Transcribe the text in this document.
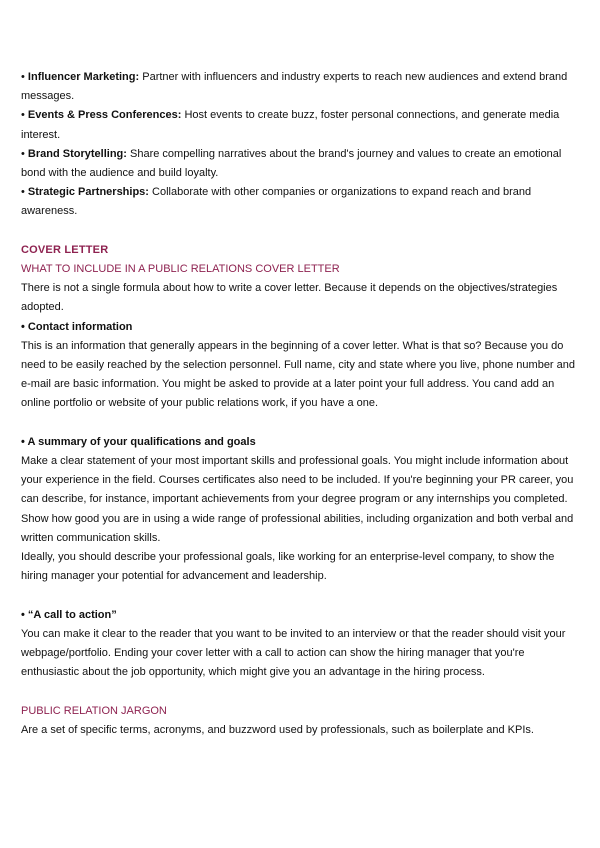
• Influencer Marketing: Partner with influencers and industry experts to reach new audiences and extend brand messages.

• Events & Press Conferences: Host events to create buzz, foster personal connections, and generate media interest.

• Brand Storytelling: Share compelling narratives about the brand's journey and values to create an emotional bond with the audience and build loyalty.

• Strategic Partnerships: Collaborate with other companies or organizations to expand reach and brand awareness.

COVER LETTER

WHAT TO INCLUDE IN A PUBLIC RELATIONS COVER LETTER

There is not a single formula about how to write a cover letter. Because it depends on the objectives/strategies adopted.

• Contact information

This is an information that generally appears in the beginning of a cover letter. What is that so? Because you do need to be easily reached by the selection personnel. Full name, city and state where you live, phone number and e-mail are basic information. You might be asked to provide at a later point your full address. You cand add an online portfolio or website of your public relations work, if you have a one.

• A summary of your qualifications and goals

Make a clear statement of your most important skills and professional goals. You might include information about your experience in the field. Courses certificates also need to be included. If you're beginning your PR career, you can describe, for instance, important achievements from your degree program or any internships you completed. Show how good you are in using a wide range of professional abilities, including organization and both verbal and written communication skills.

Ideally, you should describe your professional goals, like working for an enterprise-level company, to show the hiring manager your potential for advancement and leadership.

• “A call to action”

You can make it clear to the reader that you want to be invited to an interview or that the reader should visit your webpage/portfolio. Ending your cover letter with a call to action can show the hiring manager that you're enthusiastic about the job opportunity, which might give you an advantage in the hiring process.

PUBLIC RELATION JARGON

Are a set of specific terms, acronyms, and buzzword used by professionals, such as boilerplate and KPIs.
